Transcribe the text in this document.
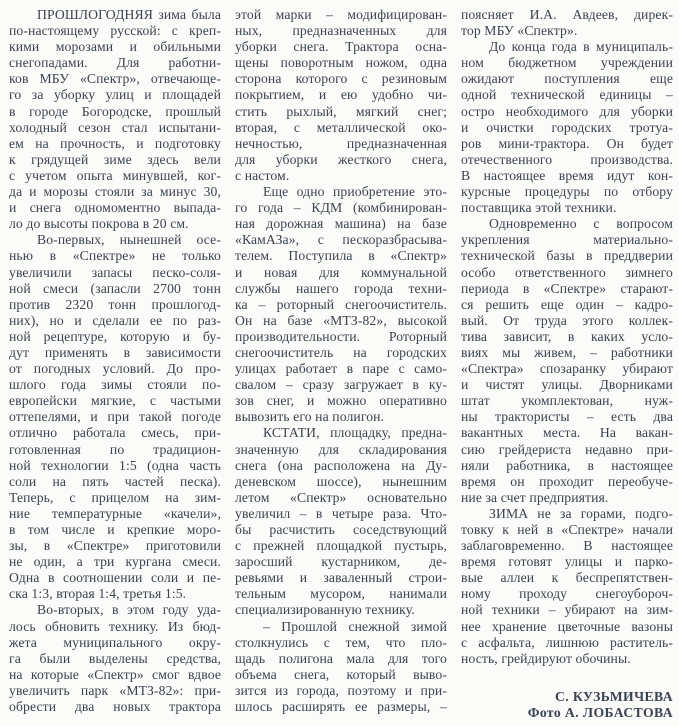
ПРОШЛОГОДНЯЯ зима была
по-настоящему русской: с креп-
кими морозами и обильными
снегопадами. Для работни-
ков МБУ «Спектр», отвечающе-
го за уборку улиц и площадей
в городе Богородске, прошлый
холодный сезон стал испытани-
ем на прочность, и подготовку
к грядущей зиме здесь вели
с учетом опыта минувшей, ког-
да и морозы стояли за минус 30,
и снега одномоментно выпада-
ло до высоты покрова в 20 см.
Во-первых, нынешней осе-
нью в «Спектре» не только
увеличили запасы песко-соля-
ной смеси (запасли 2700 тонн
против 2320 тонн прошлогод-
них), но и сделали ее по раз-
ной рецептуре, которую и бу-
дут применять в зависимости
от погодных условий. До про-
шлого года зимы стояли по-
европейски мягкие, с частыми
оттепелями, и при такой погоде
отлично работала смесь, при-
готовленная по традицион-
ной технологии 1:5 (одна часть
соли на пять частей песка).
Теперь, с прицелом на зим-
ние температурные «качели»,
в том числе и крепкие моро-
зы, в «Спектре» приготовили
не один, а три кургана смеси.
Одна в соотношении соли и пе-
ска 1:3, вторая 1:4, третья 1:5.
Во-вторых, в этом году уда-
лось обновить технику. Из бюд-
жета муниципального окру-
га были выделены средства,
на которые «Спектр» смог вдвое
увеличить парк «МТЗ-82»: при-
обрести два новых трактора
этой марки – модифицирован-
ных, предназначенных для
уборки снега. Трактора осна-
щены поворотным ножом, одна
сторона которого с резиновым
покрытием, и ею удобно чи-
стить рыхлый, мягкий снег;
вторая, с металлической око-
нечностью, предназначенная
для уборки жесткого снега,
с настом.
Еще одно приобретение это-
го года – КДМ (комбинирован-
ная дорожная машина) на базе
«КамАЗа», с пескоразбрасыва-
телем. Поступила в «Спектр»
и новая для коммунальной
службы нашего города техни-
ка – роторный снегоочиститель.
Он на базе «МТЗ-82», высокой
производительности. Роторный
снегоочиститель на городских
улицах работает в паре с само-
свалом – сразу загружает в ку-
зов снег, и можно оперативно
вывозить его на полигон.
КСТАТИ, площадку, предна-
значенную для складирования
снега (она расположена на Ду-
деневском шоссе), нынешним
летом «Спектр» основательно
увеличил – в четыре раза. Что-
бы расчистить соседствующий
с прежней площадкой пустырь,
заросший кустарником, де-
ревьями и заваленный строи-
тельным мусором, нанимали
специализированную технику.
– Прошлой снежной зимой
столкнулись с тем, что пло-
щадь полигона мала для того
объема снега, который выво-
зится из города, поэтому и при-
шлось расширять ее размеры, –
поясняет И.А. Авдеев, дирек-
тор МБУ «Спектр».
До конца года в муниципаль-
ном бюджетном учреждении
ожидают поступления еще
одной технической единицы –
остро необходимого для уборки
и очистки городских тротуа-
ров мини-трактора. Он будет
отечественного производства.
В настоящее время идут кон-
курсные процедуры по отбору
поставщика этой техники.
Одновременно с вопросом
укрепления материально-
технической базы в преддверии
особо ответственного зимнего
периода в «Спектре» старают-
ся решить еще один – кадро-
вый. От труда этого коллек-
тива зависит, в каких усло-
виях мы живем, – работники
«Спектра» спозаранку убирают
и чистят улицы. Дворниками
штат укомплектован, нуж-
ны трактористы – есть два
вакантных места. На вакан-
сию грейдериста недавно при-
няли работника, в настоящее
время он проходит переобуче-
ние за счет предприятия.
ЗИМА не за горами, подго-
товку к ней в «Спектре» начали
заблаговременно. В настоящее
время готовят улицы и парко-
вые аллеи к беспрепятствен-
ному проходу снегоубороч-
ной техники – убирают на зим-
нее хранение цветочные вазоны
с асфальта, лишнюю раститель-
ность, грейдируют обочины.
С. КУЗЬМИЧЕВА
Фото А. ЛОБАСТОВА
